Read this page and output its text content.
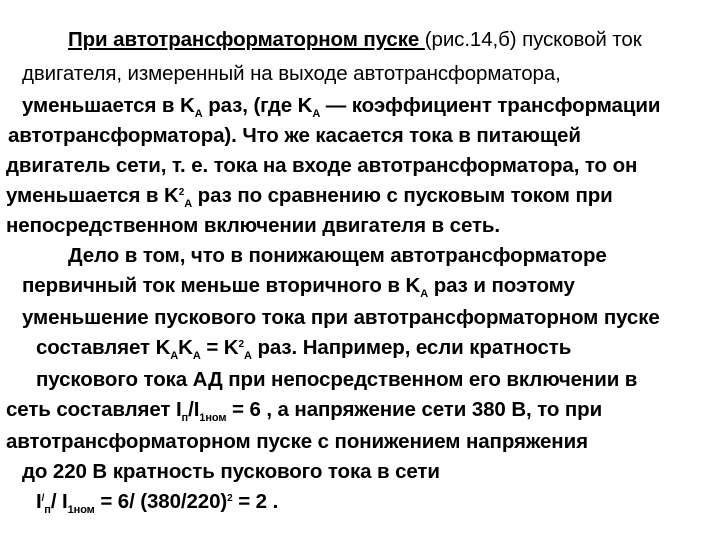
При автотрансформаторном пуске (рис.14,б) пусковой ток
двигателя, измеренный на выходе автотрансформатора,
уменьшается в $K_A$ раз, (где $K_A$ — коэффициент трансформации
автотрансформатора). Что же касается тока в питающей
двигатель сети, т. е. тока на входе автотрансформатора, то он
уменьшается в $K^2_A$ раз по сравнению с пусковым током при
непосредственном включении двигателя в сеть.
Дело в том, что в понижающем автотрансформаторе
первичный ток меньше вторичного в $K_A$ раз и поэтому
уменьшение пускового тока при автотрансформаторном пуске
составляет $K_AK_A = K^2_A$ раз. Например, если кратность
пускового тока АД при непосредственном его включении в
сеть составляет $I_п/I_{1ном} = 6$ , а напряжение сети 380 В, то при
автотрансформаторном пуске с понижением напряжения
до 220 В кратность пускового тока в сети
$I^/_п/$ $I_{1ном} = 6/$ $(380/220)^2 = 2$ .
